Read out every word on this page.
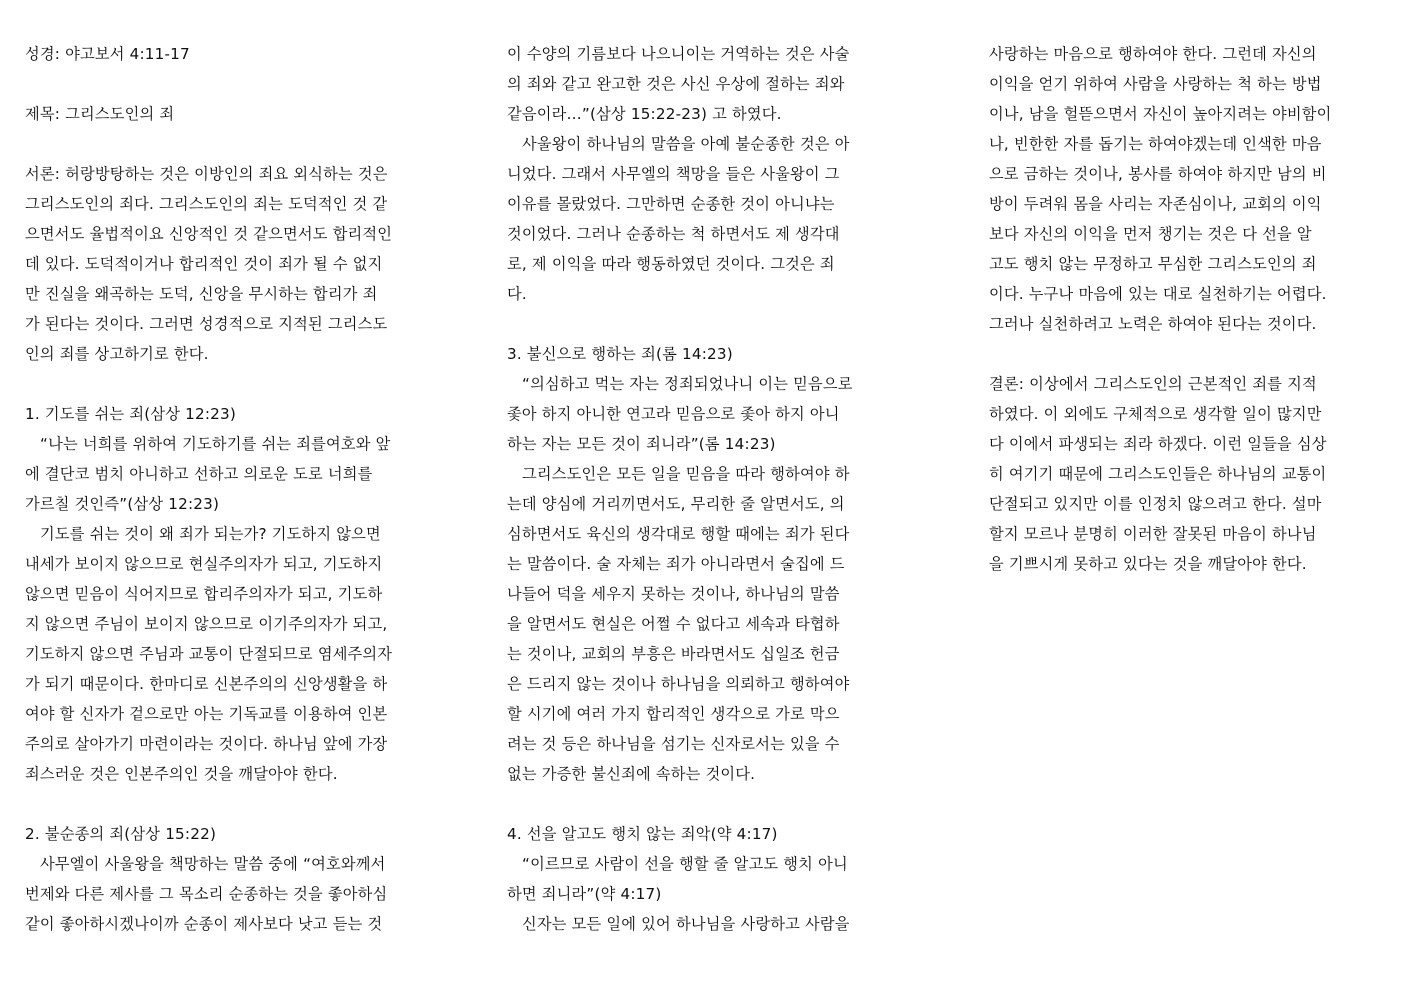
성경: 야고보서 4:11-17
제목: 그리스도인의 죄
서론: 허랑방탕하는 것은 이방인의 죄요 외식하는 것은
그리스도인의 죄다. 그리스도인의 죄는 도덕적인 것 같
으면서도 율법적이요 신앙적인 것 같으면서도 합리적인
데 있다. 도덕적이거나 합리적인 것이 죄가 될 수 없지
만 진실을 왜곡하는 도덕, 신앙을 무시하는 합리가 죄
가 된다는 것이다. 그러면 성경적으로 지적된 그리스도
인의 죄를 상고하기로 한다.
1. 기도를 쉬는 죄(삼상 12:23)
“나는 너희를 위하여 기도하기를 쉬는 죄를여호와 앞
에 결단코 범치 아니하고 선하고 의로운 도로 너희를
가르칠 것인즉”(삼상 12:23)
기도를 쉬는 것이 왜 죄가 되는가? 기도하지 않으면
내세가 보이지 않으므로 현실주의자가 되고, 기도하지
않으면 믿음이 식어지므로 합리주의자가 되고, 기도하
지 않으면 주님이 보이지 않으므로 이기주의자가 되고,
기도하지 않으면 주님과 교통이 단절되므로 염세주의자
가 되기 때문이다. 한마디로 신본주의의 신앙생활을 하
여야 할 신자가 겉으로만 아는 기독교를 이용하여 인본
주의로 살아가기 마련이라는 것이다. 하나님 앞에 가장
죄스러운 것은 인본주의인 것을 깨달아야 한다.
2. 불순종의 죄(삼상 15:22)
사무엘이 사울왕을 책망하는 말씀 중에 “여호와께서
번제와 다른 제사를 그 목소리 순종하는 것을 좋아하심
같이 좋아하시겠나이까 순종이 제사보다 낫고 듣는 것
이 수양의 기름보다 나으니이는 거역하는 것은 사술
의 죄와 같고 완고한 것은 사신 우상에 절하는 죄와
같음이라…”(삼상 15:22-23) 고 하였다.
사울왕이 하나님의 말씀을 아예 불순종한 것은 아
니었다. 그래서 사무엘의 책망을 들은 사울왕이 그
이유를 몰랐었다. 그만하면 순종한 것이 아니냐는
것이었다. 그러나 순종하는 척 하면서도 제 생각대
로, 제 이익을 따라 행동하였던 것이다. 그것은 죄
다.
3. 불신으로 행하는 죄(롬 14:23)
“의심하고 먹는 자는 정죄되었나니 이는 믿음으로
좇아 하지 아니한 연고라 믿음으로 좇아 하지 아니
하는 자는 모든 것이 죄니라”(롬 14:23)
그리스도인은 모든 일을 믿음을 따라 행하여야 하
는데 양심에 거리끼면서도, 무리한 줄 알면서도, 의
심하면서도 육신의 생각대로 행할 때에는 죄가 된다
는 말씀이다. 술 자체는 죄가 아니라면서 술집에 드
나들어 덕을 세우지 못하는 것이나, 하나님의 말씀
을 알면서도 현실은 어쩔 수 없다고 세속과 타협하
는 것이나, 교회의 부흥은 바라면서도 십일조 헌금
은 드리지 않는 것이나 하나님을 의뢰하고 행하여야
할 시기에 여러 가지 합리적인 생각으로 가로 막으
려는 것 등은 하나님을 섬기는 신자로서는 있을 수
없는 가증한 불신죄에 속하는 것이다.
4. 선을 알고도 행치 않는 죄악(약 4:17)
“이르므로 사람이 선을 행할 줄 알고도 행치 아니
하면 죄니라”(약 4:17)
신자는 모든 일에 있어 하나님을 사랑하고 사람을
사랑하는 마음으로 행하여야 한다. 그런데 자신의
이익을 얻기 위하여 사람을 사랑하는 척 하는 방법
이나, 남을 헐뜯으면서 자신이 높아지려는 야비함이
나, 빈한한 자를 돕기는 하여야겠는데 인색한 마음
으로 금하는 것이나, 봉사를 하여야 하지만 남의 비
방이 두려워 몸을 사리는 자존심이나, 교회의 이익
보다 자신의 이익을 먼저 챙기는 것은 다 선을 알
고도 행치 않는 무정하고 무심한 그리스도인의 죄
이다. 누구나 마음에 있는 대로 실천하기는 어렵다.
그러나 실천하려고 노력은 하여야 된다는 것이다.
결론: 이상에서 그리스도인의 근본적인 죄를 지적
하였다. 이 외에도 구체적으로 생각할 일이 많지만
다 이에서 파생되는 죄라 하겠다. 이런 일들을 심상
히 여기기 때문에 그리스도인들은 하나님의 교통이
단절되고 있지만 이를 인정치 않으려고 한다. 설마
할지 모르나 분명히 이러한 잘못된 마음이 하나님
을 기쁘시게 못하고 있다는 것을 깨달아야 한다.
